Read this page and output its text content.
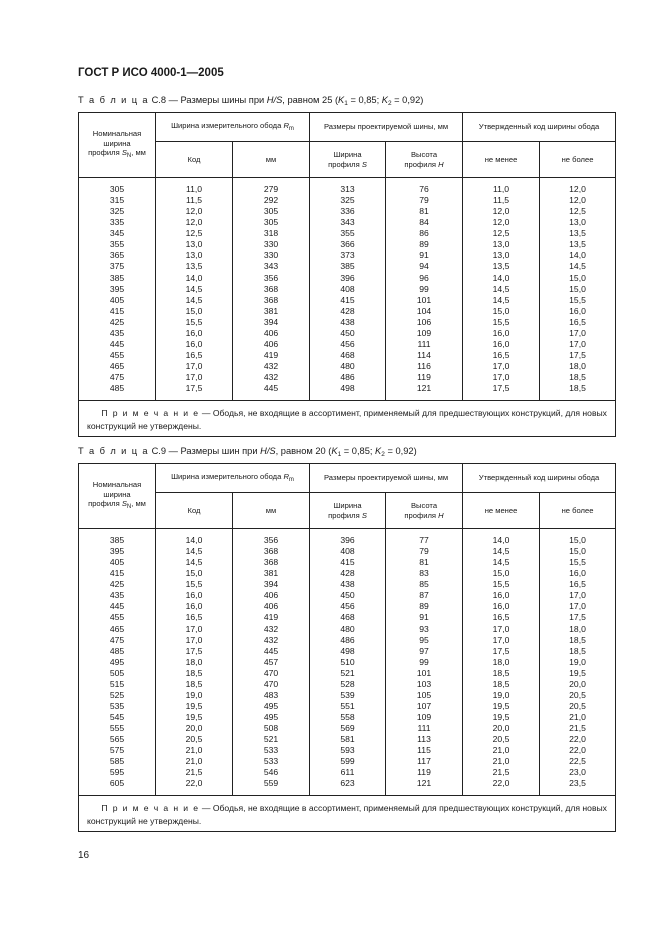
ГОСТ Р ИСО 4000-1—2005
Т а б л и ц а С.8 — Размеры шины при H/S, равном 25 ($K_1 = 0,85$; $K_2 = 0,92$)
Номинальная
ширина
профиля $S_N$, мм	Ширина измерительного обода $R_m$		Размеры проектируемой шины, мм		Утвержденный код ширины обода	
	Код	мм	Ширина
профиля S	Высота
профиля H	не менее	не более

305	11,0	279	313	76	11,0	12,0
315	11,5	292	325	79	11,5	12,0
325	12,0	305	336	81	12,0	12,5
335	12,0	305	343	84	12,0	13,0
345	12,5	318	355	86	12,5	13,5
355	13,0	330	366	89	13,0	13,5
365	13,0	330	373	91	13,0	14,0
375	13,5	343	385	94	13,5	14,5
385	14,0	356	396	96	14,0	15,0
395	14,5	368	408	99	14,5	15,0
405	14,5	368	415	101	14,5	15,5
415	15,0	381	428	104	15,0	16,0
425	15,5	394	438	106	15,5	16,5
435	16,0	406	450	109	16,0	17,0
445	16,0	406	456	111	16,0	17,0
455	16,5	419	468	114	16,5	17,5
465	17,0	432	480	116	17,0	18,0
475	17,0	432	486	119	17,0	18,5
485	17,5	445	498	121	17,5	18,5

П р и м е ч а н и е — Ободья, не входящие в ассортимент, применяемый для предшествующих конструкций, для новых конструкций не утверждены.						
Т а б л и ц а С.9 — Размеры шин при H/S, равном 20 ($K_1 = 0,85$; $K_2 = 0,92$)
Номинальная
ширина
профиля $S_N$, мм	Ширина измерительного обода $R_m$		Размеры проектируемой шины, мм		Утвержденный код ширины обода	
	Код	мм	Ширина
профиля S	Высота
профиля H	не менее	не более

385	14,0	356	396	77	14,0	15,0
395	14,5	368	408	79	14,5	15,0
405	14,5	368	415	81	14,5	15,5
415	15,0	381	428	83	15,0	16,0
425	15,5	394	438	85	15,5	16,5
435	16,0	406	450	87	16,0	17,0
445	16,0	406	456	89	16,0	17,0
455	16,5	419	468	91	16,5	17,5
465	17,0	432	480	93	17,0	18,0
475	17,0	432	486	95	17,0	18,5
485	17,5	445	498	97	17,5	18,5
495	18,0	457	510	99	18,0	19,0
505	18,5	470	521	101	18,5	19,5
515	18,5	470	528	103	18,5	20,0
525	19,0	483	539	105	19,0	20,5
535	19,5	495	551	107	19,5	20,5
545	19,5	495	558	109	19,5	21,0
555	20,0	508	569	111	20,0	21,5
565	20,5	521	581	113	20,5	22,0
575	21,0	533	593	115	21,0	22,0
585	21,0	533	599	117	21,0	22,5
595	21,5	546	611	119	21,5	23,0
605	22,0	559	623	121	22,0	23,5

П р и м е ч а н и е — Ободья, не входящие в ассортимент, применяемый для предшествующих конструкций, для новых конструкций не утверждены.						
16
